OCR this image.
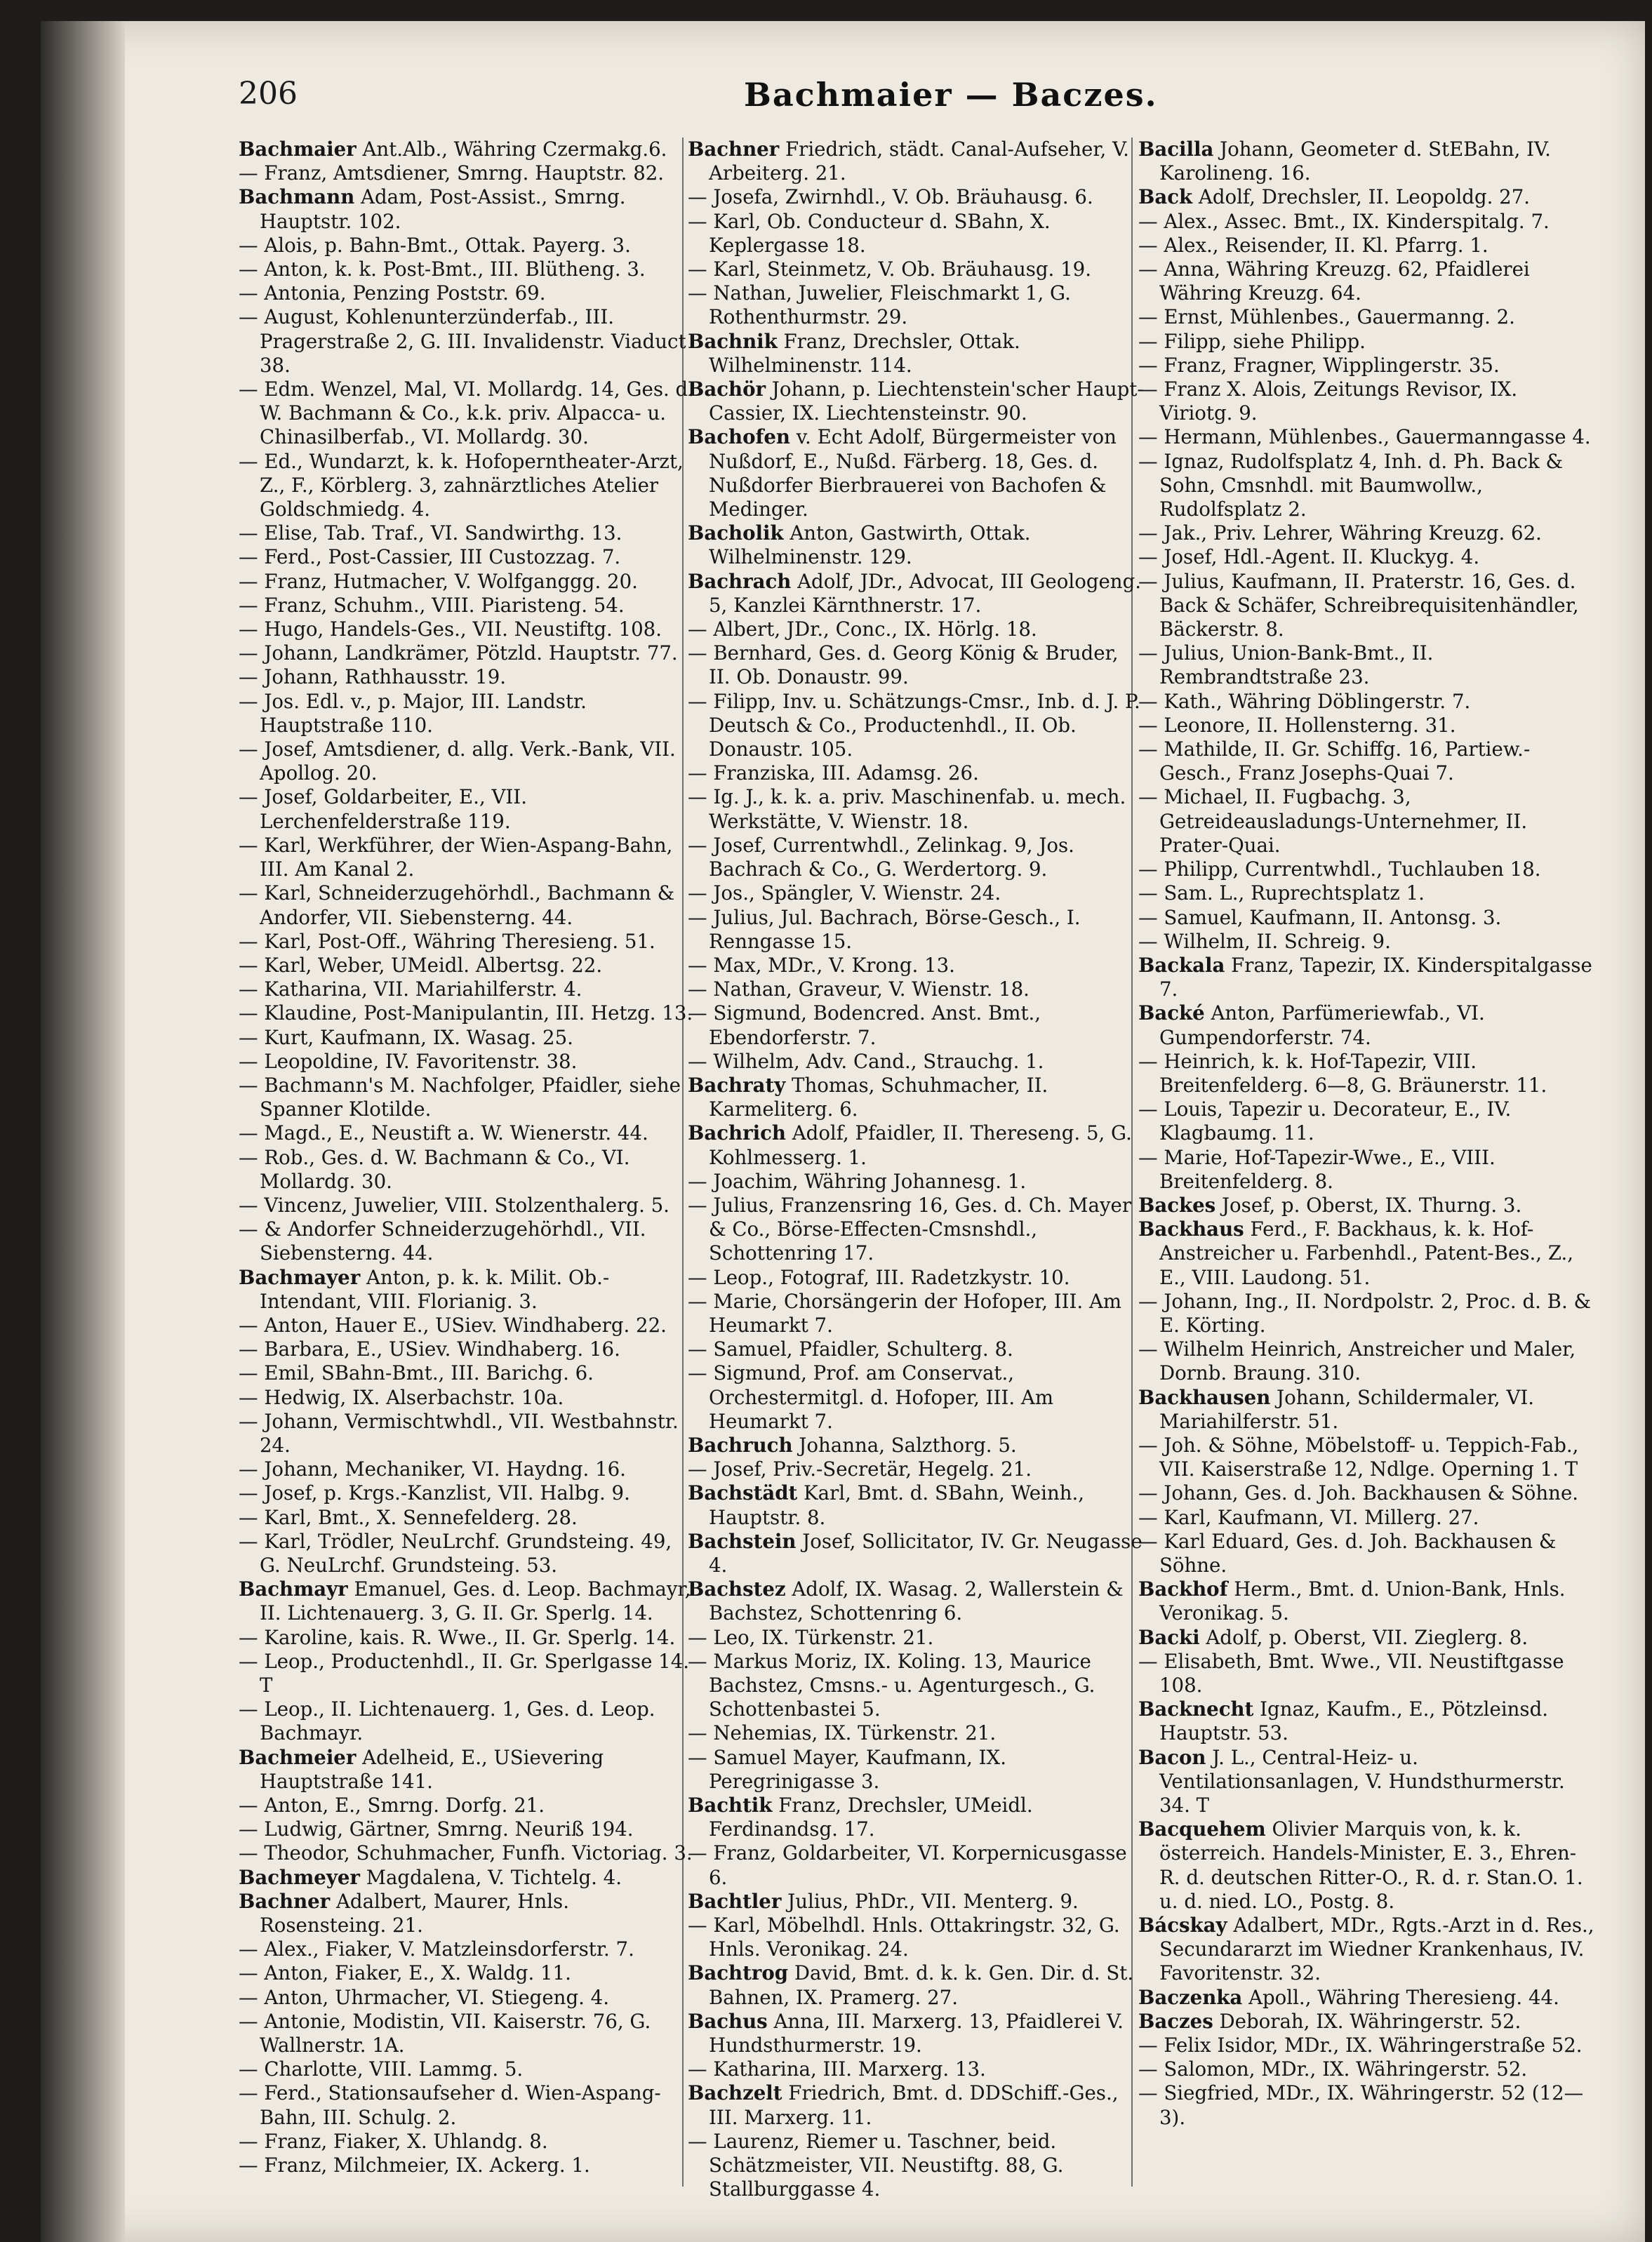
206	Bachmaier — Baczes.

Bachmaier Ant.Alb., Währing Czermakg.6.

— Franz, Amtsdiener, Smrng. Hauptstr. 82.

Bachmann Adam, Post-Assist., Smrng. Hauptstr. 102.

— Alois, p. Bahn-Bmt., Ottak. Payerg. 3.

— Anton, k. k. Post-Bmt., III. Blütheng. 3.

— Antonia, Penzing Poststr. 69.

— August, Kohlenunterzünderfab., III. Pragerstraße 2, G. III. Invalidenstr. Viaduct 38.

— Edm. Wenzel, Mal, VI. Mollardg. 14, Ges. d. W. Bachmann & Co., k.k. priv. Alpacca- u. Chinasilberfab., VI. Mollardg. 30.

— Ed., Wundarzt, k. k. Hofoperntheater-Arzt, Z., F., Körblerg. 3, zahnärztliches Atelier Goldschmiedg. 4.

— Elise, Tab. Traf., VI. Sandwirthg. 13.

— Ferd., Post-Cassier, III Custozzag. 7.

— Franz, Hutmacher, V. Wolfganggg. 20.

— Franz, Schuhm., VIII. Piaristeng. 54.

— Hugo, Handels-Ges., VII. Neustiftg. 108.

— Johann, Landkrämer, Pötzld. Hauptstr. 77.

— Johann, Rathhausstr. 19.

— Jos. Edl. v., p. Major, III. Landstr. Hauptstraße 110.

— Josef, Amtsdiener, d. allg. Verk.-Bank, VII. Apollog. 20.

— Josef, Goldarbeiter, E., VII. Lerchenfelderstraße 119.

— Karl, Werkführer, der Wien-Aspang-Bahn, III. Am Kanal 2.

— Karl, Schneiderzugehörhdl., Bachmann & Andorfer, VII. Siebensterng. 44.

— Karl, Post-Off., Währing Theresieng. 51.

— Karl, Weber, UMeidl. Albertsg. 22.

— Katharina, VII. Mariahilferstr. 4.

— Klaudine, Post-Manipulantin, III. Hetzg. 13.

— Kurt, Kaufmann, IX. Wasag. 25.

— Leopoldine, IV. Favoritenstr. 38.

— Bachmann's M. Nachfolger, Pfaidler, siehe Spanner Klotilde.

— Magd., E., Neustift a. W. Wienerstr. 44.

— Rob., Ges. d. W. Bachmann & Co., VI. Mollardg. 30.

— Vincenz, Juwelier, VIII. Stolzenthalerg. 5.

— & Andorfer Schneiderzugehörhdl., VII. Siebensterng. 44.

Bachmayer Anton, p. k. k. Milit. Ob.-Intendant, VIII. Florianig. 3.

— Anton, Hauer E., USiev. Windhaberg. 22.

— Barbara, E., USiev. Windhaberg. 16.

— Emil, SBahn-Bmt., III. Barichg. 6.

— Hedwig, IX. Alserbachstr. 10a.

— Johann, Vermischtwhdl., VII. Westbahnstr. 24.

— Johann, Mechaniker, VI. Haydng. 16.

— Josef, p. Krgs.-Kanzlist, VII. Halbg. 9.

— Karl, Bmt., X. Sennefelderg. 28.

— Karl, Trödler, NeuLrchf. Grundsteing. 49, G. NeuLrchf. Grundsteing. 53.

Bachmayr Emanuel, Ges. d. Leop. Bachmayr, II. Lichtenauerg. 3, G. II. Gr. Sperlg. 14.

— Karoline, kais. R. Wwe., II. Gr. Sperlg. 14.

— Leop., Productenhdl., II. Gr. Sperlgasse 14. T

— Leop., II. Lichtenauerg. 1, Ges. d. Leop. Bachmayr.

Bachmeier Adelheid, E., USievering Hauptstraße 141.

— Anton, E., Smrng. Dorfg. 21.

— Ludwig, Gärtner, Smrng. Neuriß 194.

— Theodor, Schuhmacher, Funfh. Victoriag. 3.

Bachmeyer Magdalena, V. Tichtelg. 4.

Bachner Adalbert, Maurer, Hnls. Rosensteing. 21.

— Alex., Fiaker, V. Matzleinsdorferstr. 7.

— Anton, Fiaker, E., X. Waldg. 11.

— Anton, Uhrmacher, VI. Stiegeng. 4.

— Antonie, Modistin, VII. Kaiserstr. 76, G. Wallnerstr. 1A.

— Charlotte, VIII. Lammg. 5.

— Ferd., Stationsaufseher d. Wien-Aspang-Bahn, III. Schulg. 2.

— Franz, Fiaker, X. Uhlandg. 8.

— Franz, Milchmeier, IX. Ackerg. 1.

Bachner Friedrich, städt. Canal-Aufseher, V. Arbeiterg. 21.

— Josefa, Zwirnhdl., V. Ob. Bräuhausg. 6.

— Karl, Ob. Conducteur d. SBahn, X. Keplergasse 18.

— Karl, Steinmetz, V. Ob. Bräuhausg. 19.

— Nathan, Juwelier, Fleischmarkt 1, G. Rothenthurmstr. 29.

Bachnik Franz, Drechsler, Ottak. Wilhelminenstr. 114.

Bachör Johann, p. Liechtenstein'scher Haupt-Cassier, IX. Liechtensteinstr. 90.

Bachofen v. Echt Adolf, Bürgermeister von Nußdorf, E., Nußd. Färberg. 18, Ges. d. Nußdorfer Bierbrauerei von Bachofen & Medinger.

Bacholik Anton, Gastwirth, Ottak. Wilhelminenstr. 129.

Bachrach Adolf, JDr., Advocat, III Geologeng. 5, Kanzlei Kärnthnerstr. 17.

— Albert, JDr., Conc., IX. Hörlg. 18.

— Bernhard, Ges. d. Georg König & Bruder, II. Ob. Donaustr. 99.

— Filipp, Inv. u. Schätzungs-Cmsr., Inb. d. J. P. Deutsch & Co., Productenhdl., II. Ob. Donaustr. 105.

— Franziska, III. Adamsg. 26.

— Ig. J., k. k. a. priv. Maschinenfab. u. mech. Werkstätte, V. Wienstr. 18.

— Josef, Currentwhdl., Zelinkag. 9, Jos. Bachrach & Co., G. Werdertorg. 9.

— Jos., Spängler, V. Wienstr. 24.

— Julius, Jul. Bachrach, Börse-Gesch., I. Renngasse 15.

— Max, MDr., V. Krong. 13.

— Nathan, Graveur, V. Wienstr. 18.

— Sigmund, Bodencred. Anst. Bmt., Ebendorferstr. 7.

— Wilhelm, Adv. Cand., Strauchg. 1.

Bachraty Thomas, Schuhmacher, II. Karmeliterg. 6.

Bachrich Adolf, Pfaidler, II. Thereseng. 5, G. Kohlmesserg. 1.

— Joachim, Währing Johannesg. 1.

— Julius, Franzensring 16, Ges. d. Ch. Mayer & Co., Börse-Effecten-Cmsnshdl., Schottenring 17.

— Leop., Fotograf, III. Radetzkystr. 10.

— Marie, Chorsängerin der Hofoper, III. Am Heumarkt 7.

— Samuel, Pfaidler, Schulterg. 8.

— Sigmund, Prof. am Conservat., Orchestermitgl. d. Hofoper, III. Am Heumarkt 7.

Bachruch Johanna, Salzthorg. 5.

— Josef, Priv.-Secretär, Hegelg. 21.

Bachstädt Karl, Bmt. d. SBahn, Weinh., Hauptstr. 8.

Bachstein Josef, Sollicitator, IV. Gr. Neugasse 4.

Bachstez Adolf, IX. Wasag. 2, Wallerstein & Bachstez, Schottenring 6.

— Leo, IX. Türkenstr. 21.

— Markus Moriz, IX. Koling. 13, Maurice Bachstez, Cmsns.- u. Agenturgesch., G. Schottenbastei 5.

— Nehemias, IX. Türkenstr. 21.

— Samuel Mayer, Kaufmann, IX. Peregrinigasse 3.

Bachtik Franz, Drechsler, UMeidl. Ferdinandsg. 17.

— Franz, Goldarbeiter, VI. Korpernicusgasse 6.

Bachtler Julius, PhDr., VII. Menterg. 9.

— Karl, Möbelhdl. Hnls. Ottakringstr. 32, G. Hnls. Veronikag. 24.

Bachtrog David, Bmt. d. k. k. Gen. Dir. d. St. Bahnen, IX. Pramerg. 27.

Bachus Anna, III. Marxerg. 13, Pfaidlerei V. Hundsthurmerstr. 19.

— Katharina, III. Marxerg. 13.

Bachzelt Friedrich, Bmt. d. DDSchiff.-Ges., III. Marxerg. 11.

— Laurenz, Riemer u. Taschner, beid. Schätzmeister, VII. Neustiftg. 88, G. Stallburggasse 4.

Bacilla Johann, Geometer d. StEBahn, IV. Karolineng. 16.

Back Adolf, Drechsler, II. Leopoldg. 27.

— Alex., Assec. Bmt., IX. Kinderspitalg. 7.

— Alex., Reisender, II. Kl. Pfarrg. 1.

— Anna, Währing Kreuzg. 62, Pfaidlerei Währing Kreuzg. 64.

— Ernst, Mühlenbes., Gauermanng. 2.

— Filipp, siehe Philipp.

— Franz, Fragner, Wipplingerstr. 35.

— Franz X. Alois, Zeitungs Revisor, IX. Viriotg. 9.

— Hermann, Mühlenbes., Gauermanngasse 4.

— Ignaz, Rudolfsplatz 4, Inh. d. Ph. Back & Sohn, Cmsnhdl. mit Baumwollw., Rudolfsplatz 2.

— Jak., Priv. Lehrer, Währing Kreuzg. 62.

— Josef, Hdl.-Agent. II. Kluckyg. 4.

— Julius, Kaufmann, II. Praterstr. 16, Ges. d. Back & Schäfer, Schreibrequisitenhändler, Bäckerstr. 8.

— Julius, Union-Bank-Bmt., II. Rembrandtstraße 23.

— Kath., Währing Döblingerstr. 7.

— Leonore, II. Hollensterng. 31.

— Mathilde, II. Gr. Schiffg. 16, Partiew.-Gesch., Franz Josephs-Quai 7.

— Michael, II. Fugbachg. 3, Getreideausladungs-Unternehmer, II. Prater-Quai.

— Philipp, Currentwhdl., Tuchlauben 18.

— Sam. L., Ruprechtsplatz 1.

— Samuel, Kaufmann, II. Antonsg. 3.

— Wilhelm, II. Schreig. 9.

Backala Franz, Tapezir, IX. Kinderspitalgasse 7.

Backé Anton, Parfümeriewfab., VI. Gumpendorferstr. 74.

— Heinrich, k. k. Hof-Tapezir, VIII. Breitenfelderg. 6—8, G. Bräunerstr. 11.

— Louis, Tapezir u. Decorateur, E., IV. Klagbaumg. 11.

— Marie, Hof-Tapezir-Wwe., E., VIII. Breitenfelderg. 8.

Backes Josef, p. Oberst, IX. Thurng. 3.

Backhaus Ferd., F. Backhaus, k. k. Hof-Anstreicher u. Farbenhdl., Patent-Bes., Z., E., VIII. Laudong. 51.

— Johann, Ing., II. Nordpolstr. 2, Proc. d. B. & E. Körting.

— Wilhelm Heinrich, Anstreicher und Maler, Dornb. Braung. 310.

Backhausen Johann, Schildermaler, VI. Mariahilferstr. 51.

— Joh. & Söhne, Möbelstoff- u. Teppich-Fab., VII. Kaiserstraße 12, Ndlge. Operning 1. T

— Johann, Ges. d. Joh. Backhausen & Söhne.

— Karl, Kaufmann, VI. Millerg. 27.

— Karl Eduard, Ges. d. Joh. Backhausen & Söhne.

Backhof Herm., Bmt. d. Union-Bank, Hnls. Veronikag. 5.

Backi Adolf, p. Oberst, VII. Zieglerg. 8.

— Elisabeth, Bmt. Wwe., VII. Neustiftgasse 108.

Backnecht Ignaz, Kaufm., E., Pötzleinsd. Hauptstr. 53.

Bacon J. L., Central-Heiz- u. Ventilationsanlagen, V. Hundsthurmerstr. 34. T

Bacquehem Olivier Marquis von, k. k. österreich. Handels-Minister, E. 3., Ehren-R. d. deutschen Ritter-O., R. d. r. Stan.O. 1. u. d. nied. LO., Postg. 8.

Bácskay Adalbert, MDr., Rgts.-Arzt in d. Res., Secundararzt im Wiedner Krankenhaus, IV. Favoritenstr. 32.

Baczenka Apoll., Währing Theresieng. 44.

Baczes Deborah, IX. Währingerstr. 52.

— Felix Isidor, MDr., IX. Währingerstraße 52.

— Salomon, MDr., IX. Währingerstr. 52.

— Siegfried, MDr., IX. Währingerstr. 52 (12—3).
